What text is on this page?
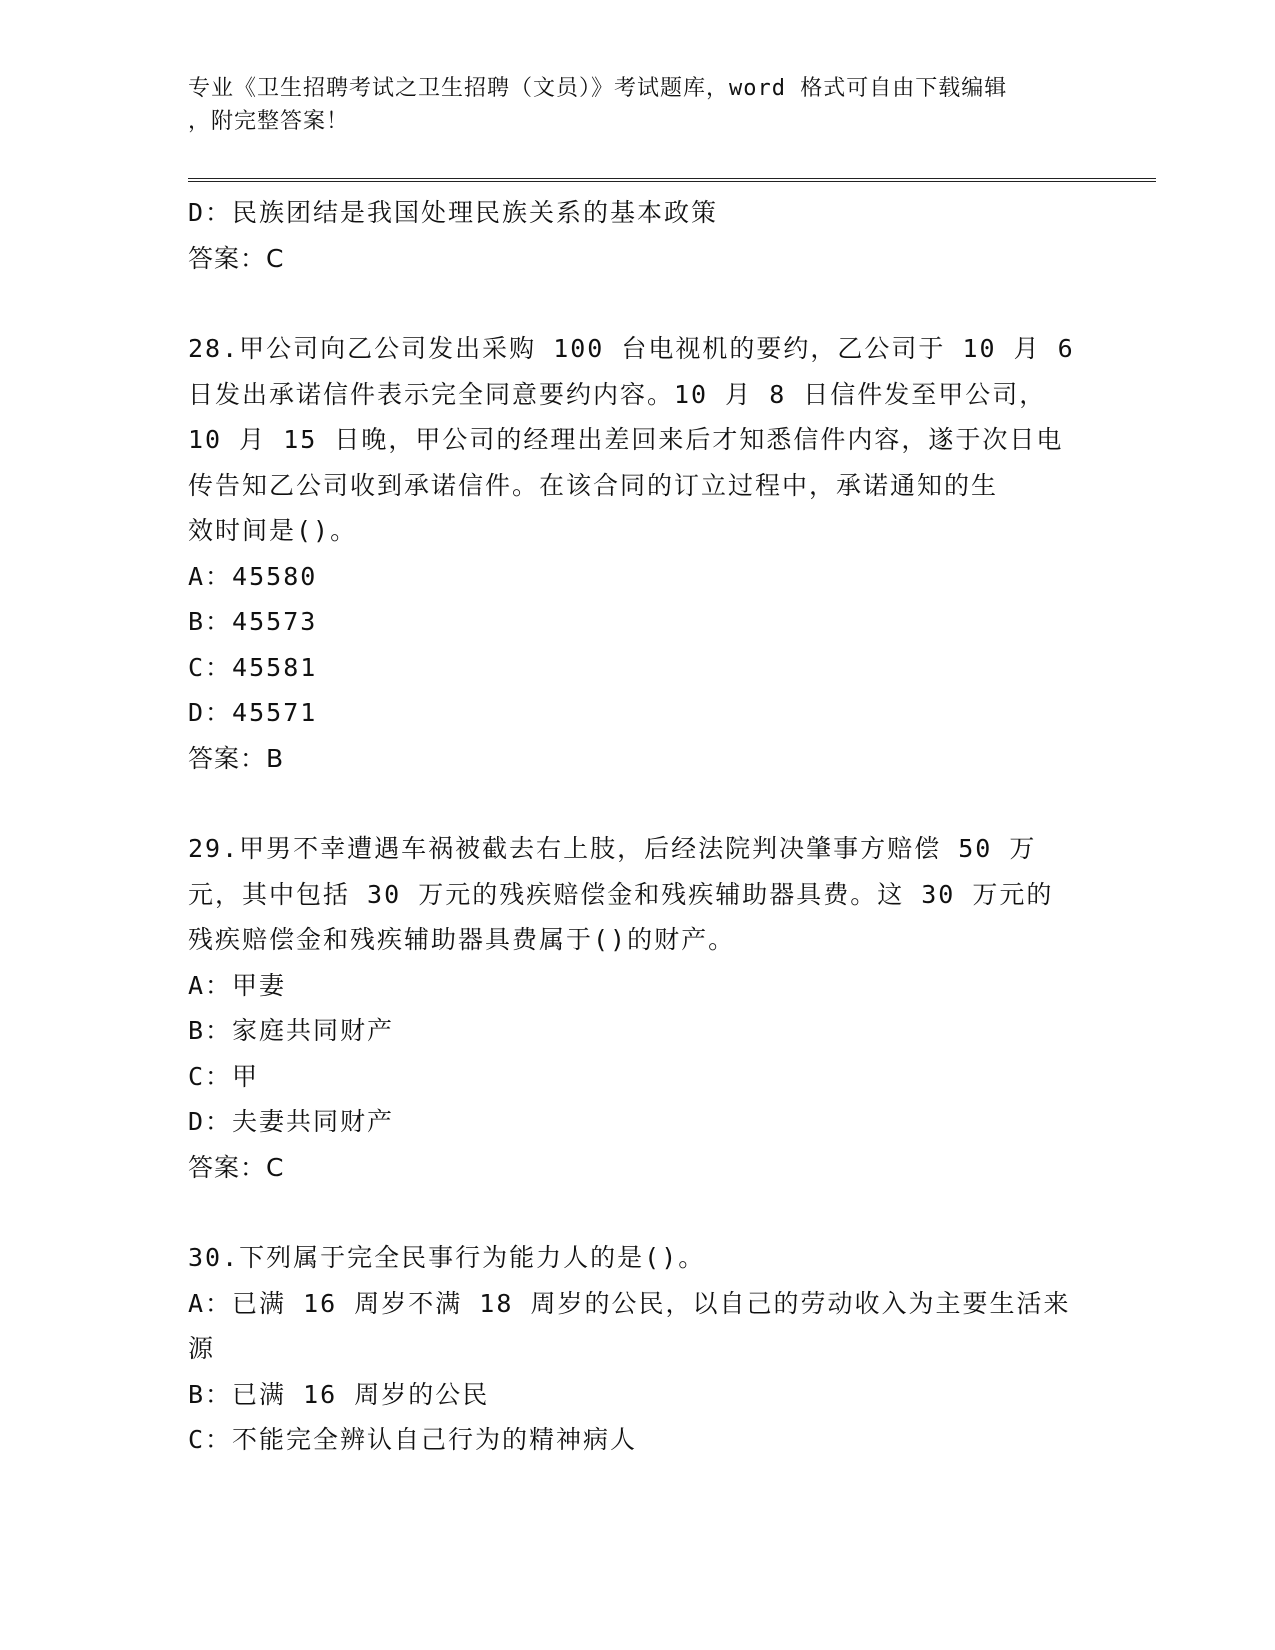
专业《卫生招聘考试之卫生招聘（文员）》考试题库，word 格式可自由下载编辑
，附完整答案！
D：民族团结是我国处理民族关系的基本政策
答案：C
28.甲公司向乙公司发出采购 100 台电视机的要约，乙公司于 10 月 6
日发出承诺信件表示完全同意要约内容。10 月 8 日信件发至甲公司，
10 月 15 日晚，甲公司的经理出差回来后才知悉信件内容，遂于次日电
传告知乙公司收到承诺信件。在该合同的订立过程中，承诺通知的生
效时间是()。
A：45580
B：45573
C：45581
D：45571
答案：B
29.甲男不幸遭遇车祸被截去右上肢，后经法院判决肇事方赔偿 50 万
元，其中包括 30 万元的残疾赔偿金和残疾辅助器具费。这 30 万元的
残疾赔偿金和残疾辅助器具费属于()的财产。
A：甲妻
B：家庭共同财产
C：甲
D：夫妻共同财产
答案：C
30.下列属于完全民事行为能力人的是()。
A：已满 16 周岁不满 18 周岁的公民，以自己的劳动收入为主要生活来
源
B：已满 16 周岁的公民
C：不能完全辨认自己行为的精神病人
